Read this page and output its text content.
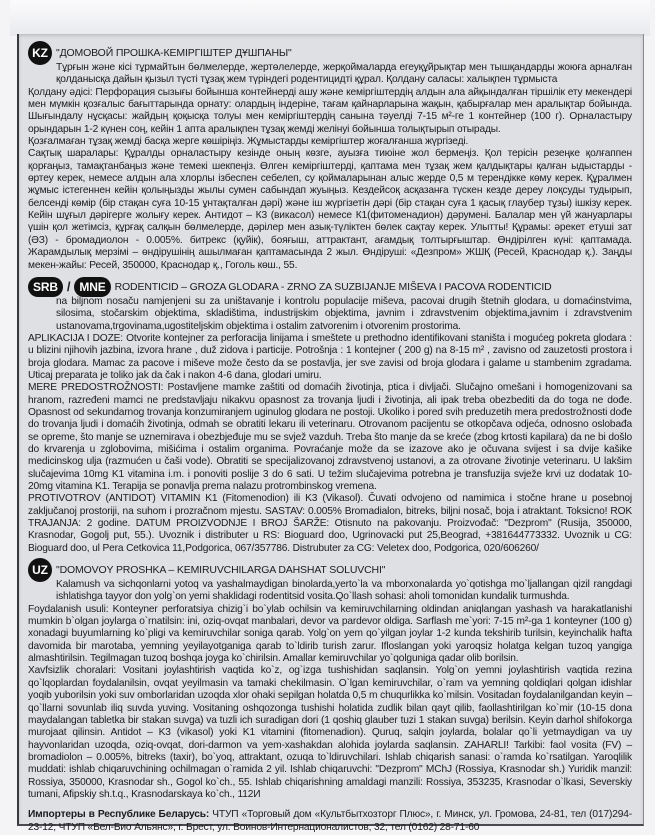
KZ "ДОМОВОЙ ПРОШКА-КЕМІРГІШТЕР ДҰШПАНЫ"

Тұрғын және кісі тұрмайтын бөлмелерде, жертөлелерде, жерқоймаларда егеуқұйрықтар мен тышқандарды жоюға арналған қолданысқа дайын қызыл түсті тұзақ жем түріндегі родентицидті құрал. Қолдану саласы: халықпен тұрмыста

Қолдану әдісі: Перфорация сызығы бойынша контейнерді ашу және кеміргіштердің алдын ала айқындалған тіршілік ету мекендері мен мүмкін қозғалыс бағыттарында орнату: олардың індеріне, тағам қайнарларына жақын, қабырғалар мен аралықтар бойында. Шығындалу нұсқасы: жайдың қоқысқа толуы мен кеміргіштердің санына тәуелді 7-15 м²-ге 1 контейнер (100 г). Орналастыру орындарын 1-2 күнен соң, кейін 1 апта аралықпен тұзақ жемді желінуі бойынша толықтырып отырады.

Қозғалмаған тұзақ жемді басқа жерге көшіріңіз. Жұмыстарды кеміргіштер жоғалғанша жүргізеді.

Сақтық шаралары: Құралды орналастыру кезінде оның көзге, ауызға тиюіне жол бермеңіз. Қол терісін резеңке қолғаппен қорғаңыз, тамақтанбаңыз және темекі шекпеңіз. Өлген кеміргіштерді, қаптама мен тұзақ жем қалдықтары қалған ыдыстарды - өртеу керек, немесе алдын ала хлорлы ізбеспен себелеп, су қоймаларынан алыс жерде 0,5 м терендікке көму керек. Құралмен жұмыс істегеннен кейін қолыңызды жылы сумен сабындап жуыңыз. Кездейсоқ асқазанға түскен кезде дереу лоқсуды тудырып, белсенді көмір (бір стақан суға 10-15 ұнтақталған дәрі) және іш жүргізетін дәрі (бір стақан суға 1 қасық глаубер тұзы) ішкізу керек. Кейін шұғыл дәрігерге жолығу керек. Антидот – К3 (викасол) немесе К1(фитоменадион) дәрумені. Балалар мен үй жануарлары үшін қол жетімсіз, құрғақ салқын бөлмелерде, дәрілер мен азық-түліктен бөлек сақтау керек. Улытты! Құрамы: әрекет етуші зат (ӘЗ) - бромадиолон - 0.005%. битрекс (қуйік), бояғыш, аттрактант, ағамдық толтырғыштар. Өндірілген күні: қаптамада. Жарамдылық мерзімі – өндірушінің ашылмаған қаптамасында 2 жыл. Өндіруші: «Дезпром» ЖШҚ (Ресей, Краснодар қ.). Заңды мекен-жайы: Ресей, 350000, Краснодар қ., Гоголь көш., 55.

SRB / MNE RODENTICID – GROZA GLODARA - ZRNO ZA SUZBIJANJE MIŠEVA I PACOVA RODENTICID

na biljnom nosaču namjenjeni su za uništavanje i kontrolu populacije miševa, pacovai drugih štetnih glodara, u domaćinstvima, silosima, stočarskim objektima, skladištima, industrijskim objektima, javnim i zdravstvenim objektima,javnim i zdravstvenim ustanovama,trgovinama,ugostiteljskim objektima i ostalim zatvorenim i otvorenim prostorima.

APLIKACIJA I DOZE: Otvorite kontejner za perforacija linijama i smeštete u prethodno identifikovani staništa i mogućeg pokreta glodara : u blizini njihovih jazbina, izvora hrane , duž zidova i particije. Potrošnja : 1 kontejner ( 200 g) na 8-15 m² , zavisno od zauzetosti prostora i broja glodara. Mamac za pacove i miševe može često da se postavlja, jer sve zavisi od broja glodara i galame u stambenim zgradama. Uticaj preparata je toliko jak da čak i nakon 4-6 dana, glodari umiru.

MERE PREDOSTROŽNOSTI: Postavljene mamke zaštiti od domaćih životinja, ptica i divljači. Slučajno omešani i homogenizovani sa hranom, razređeni mamci ne predstavljaju nikakvu opasnost za trovanja ljudi i životinja, ali ipak treba obezbediti da do toga ne dođe. Opasnost od sekundarnog trovanja konzumiranjem uginulog glodara ne postoji. Ukoliko i pored svih preduzetih mera predostrožnosti dođe do trovanja ljudi i domaćih životinja, odmah se obratiti lekaru ili veterinaru. Otrovanom pacijentu se otkopčava odjeća, odnosno oslobađa se opreme, što manje se uznemirava i obezbjeđuje mu se svjež vazduh. Treba što manje da se kreće (zbog krtosti kapilara) da ne bi došlo do krvarenja u zglobovima, mišićima i ostalim organima. Povraćanje može da se izazove ako je očuvana svijest i sa dvije kašike medicinskog ulja (razmućen u čaši vode). Obratiti se specijalizovanoj zdravstvenoj ustanovi, a za otrovane životinje veterinaru. U lakšim slučajevima 10mg K1 vitamina i.m. i ponoviti poslije 3 do 6 sati. U težim slučajevima potrebna je transfuzija svježe krvi uz dodatak 10-20mg vitamina K1. Terapija se ponavlja prema nalazu protrombinskog vremena.

PROTIVOTROV (ANTIDOT) VITAMIN K1 (Fitomenodion) ili K3 (Vikasol). Čuvati odvojeno od namimica i stočne hrane u posebnoj zaključanoj prostoriji, na suhom i prozračnom mjestu. SASTAV: 0.005% Bromadialon, bitreks, biljni nosač, boja i atraktant. Toksicno! ROK TRAJANJA: 2 godine. DATUM PROIZVODNJE I BROJ ŠARŽE: Otisnuto na pakovanju. Proizvođač: "Dezprom" (Rusija, 350000, Krasnodar, Gogolj put, 55.). Uvoznik i distributer u RS: Bioguard doo, Ugrinovacki put 25,Beograd, +381644773332. Uvoznik u CG: Bioguard doo, ul Pera Cetkovica 11,Podgorica, 067/357786. Distrubuter za CG: Veletex doo, Podgorica, 020/606260/

UZ "DOMOVOY PROSHKA – KEMIRUVCHILARGA DAHSHAT SOLUVCHI"

Kalamush va sichqonlarni yotoq va yashalmaydigan binolarda,yerto`la va mborxonalarda yo`qotishga mo`ljallangan qizil rangdagi ishlatishga tayyor don yolg`on yemi shaklidagi rodentitsid vosita.Qo`llash sohasi: aholi tomonidan kundalik turmushda.

Foydalanish usuli: Konteyner perforatsiya chizig`i bo`ylab ochilsin va kemiruvchilarning oldindan aniqlangan yashash va harakatlanishi mumkin b`olgan joylarga o`rnatilsin: ini, oziq-ovqat manbalari, devor va pardevor oldiga. Sarflash me`yori: 7-15 m²-ga 1 konteyner (100 g) xonadagi buyumlarning ko`pligi va kemiruvchilar soniga qarab. Yolg`on yem qo`yilgan joylar 1-2 kunda tekshirib turilsin, keyinchalik hafta davomida bir marotaba, yemning yeyilayotganiga qarab to`ldirib turish zarur. Ifloslangan yoki yaroqsiz holatga kelgan tuzoq yangiga almashtirilsin. Tegilmagan tuzoq boshqa joyga ko`chirilsin. Amallar kemiruvchilar yo`qolguniga qadar olib borilsin.

Xavfsizlik choralari: Vositani joylashtirish vaqtida ko`z, og`izga tushishidan saqlansin. Yolg`on yemni joylashtirish vaqtida rezina qo`lqoplardan foydalanilsin, ovqat yeyilmasin va tamaki chekilmasin. O`lgan kemiruvchilar, o`ram va yemning qoldiqlari qolgan idishlar yoqib yuborilsin yoki suv omborlaridan uzoqda xlor ohaki sepilgan holatda 0,5 m chuqurlikka ko`milsin. Vositadan foydalanilgandan keyin – qo`llarni sovunlab iliq suvda yuving. Vositaning oshqozonga tushishi holatida zudlik bilan qayt qilib, faollashtirilgan ko`mir (10-15 dona maydalangan tabletka bir stakan suvga) va tuzli ich suradigan dori (1 qoshiq glauber tuzi 1 stakan suvga) berilsin. Keyin darhol shifokorga murojaat qilinsin. Antidot – K3 (vikasol) yoki K1 vitamini (fitomenadion). Quruq, salqin joylarda, bolalar qo`li yetmaydigan va uy hayvonlaridan uzoqda, oziq-ovqat, dori-darmon va yem-xashakdan alohida joylarda saqlansin. ZAHARLI! Tarkibi: faol vosita (FV) – bromadiolon – 0.005%, bitreks (taxir), bo`yoq, attraktant, ozuqa to`ldiruvchilari. Ishlab chiqarish sanasi: o`ramda ko`rsatilgan. Yaroqlilik muddati: ishlab chiqaruvchining ochilmagan o`ramida 2 yil. Ishlab chiqaruvchi: "Dezprom" MChJ (Rossiya, Krasnodar sh.) Yuridik manzil: Rossiya, 350000, Krasnodar sh., Gogol ko`ch., 55. Ishlab chiqarishning amaldagi manzili: Rossiya, 353235, Krasnodar o`lkasi, Severskiy tumani, Afipskiy sh.t.q., Krasnodarskaya ko`ch., 112И

Импортеры в Республике Беларусь: ЧТУП «Торговый дом «Культбытхозторг Плюс», г. Минск, ул. Громова, 24-81, тел (017)294-23-12; ЧТУП «Бел-Био Альянс», г. Брест, ул. Воинов-Интернационалистов, 32, тел (0162) 28-71-60
